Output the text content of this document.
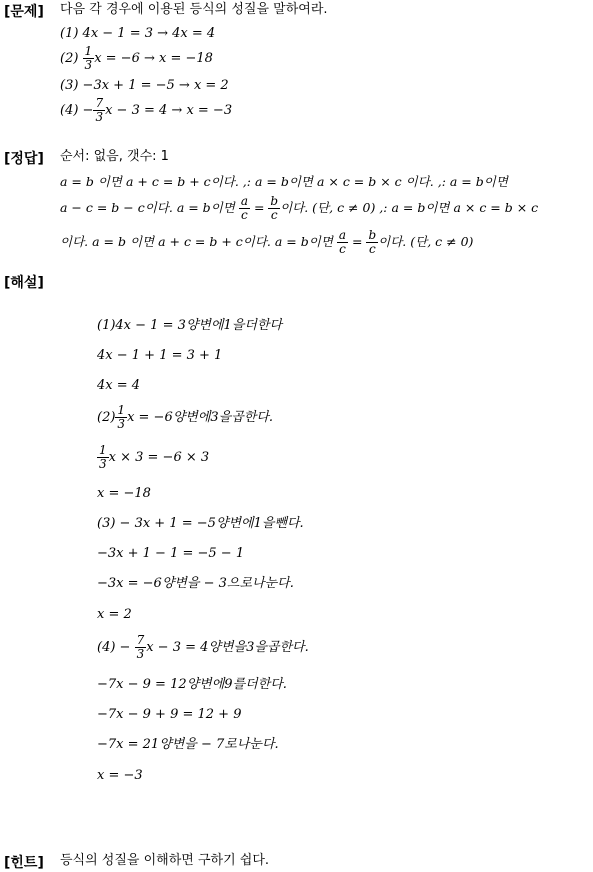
[문제] 다음 각 경우에 이용된 등식의 성질을 말하여라.
(1) 4x − 1 = 3 → 4x = 4
$(2) \frac{1}{3}$ x = −6 → x = −18
(3) −3x + 1 = −5 → x = 2
$(4) - \frac{7}{3}$ x − 3 = 4 → x = −3
[정답] 순서: 없음, 갯수: 1
a = b 이면 a + c = b + c이다. ,: a = b이면 a × c = b × c 이다. ,: a = b이면
a − c = b − c이다. a = b이면 $\frac{a}{c} = \frac{b}{c}$ 이다. (단, c ≠ 0) ,: a = b이면 a × c = b × c
이다. a = b 이면 a + c = b + c이다. a = b이면 $\frac{a}{c} = \frac{b}{c}$ 이다. (단, c ≠ 0)
[해설]
(1)4x − 1 = 3양변에1을더한다
4x − 1 + 1 = 3 + 1
4x = 4
$(2) \frac{1}{3}$ x = −6양변에3을곱한다.
$\frac{1}{3}$ x × 3 = −6 × 3
x = −18
(3) − 3x + 1 = −5양변에1을뺀다.
−3x + 1 − 1 = −5 − 1
−3x = −6양변을 − 3으로나눈다.
x = 2
$(4) - \frac{7}{3}$ x − 3 = 4양변을3을곱한다.
−7x − 9 = 12양변에9를더한다.
−7x − 9 + 9 = 12 + 9
−7x = 21양변을 − 7로나눈다.
x = −3
[힌트] 등식의 성질을 이해하면 구하기 쉽다.
